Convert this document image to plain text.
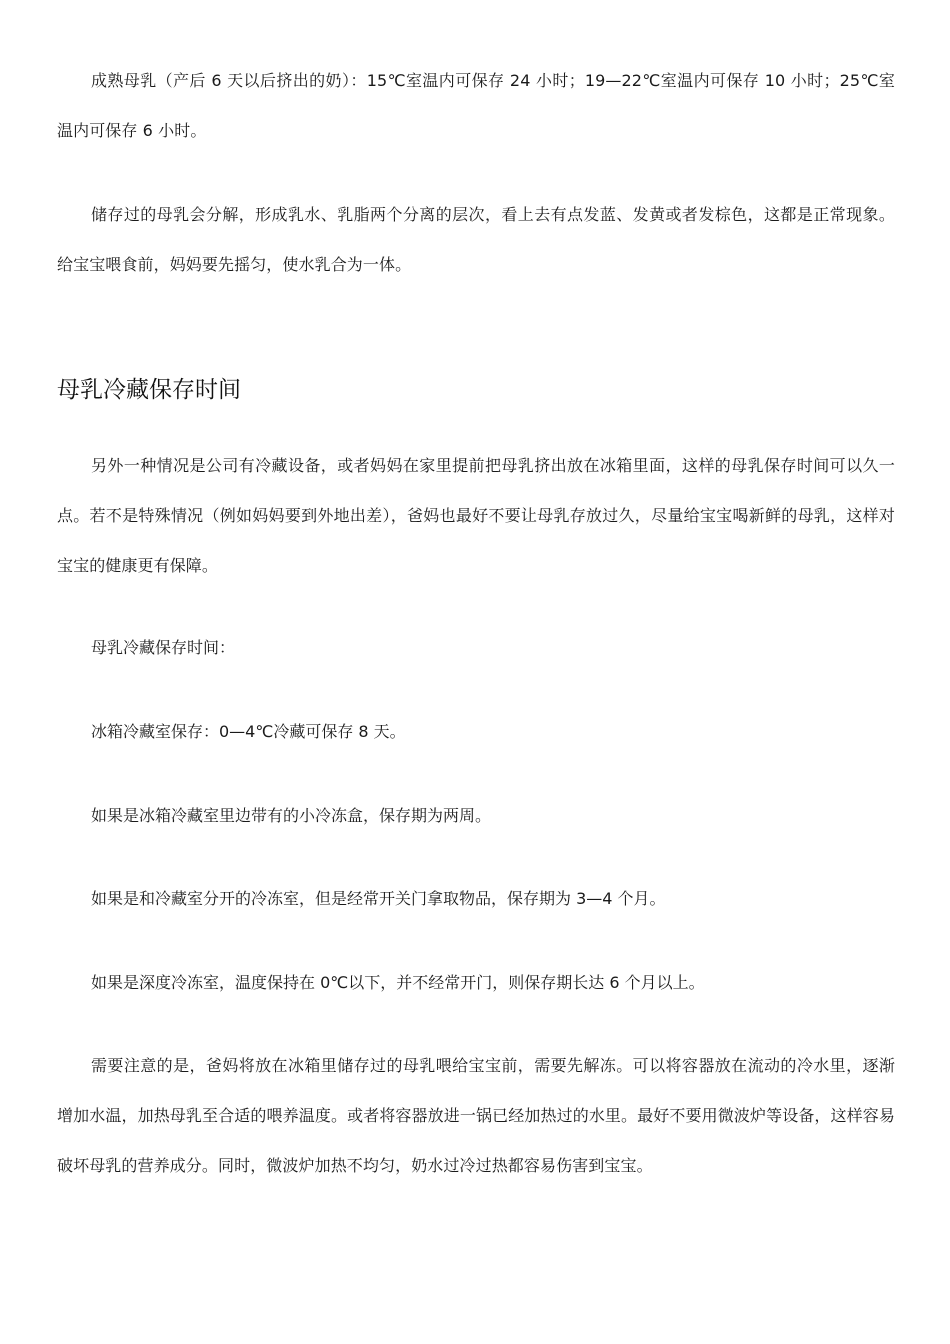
成熟母乳（产后 6 天以后挤出的奶）：15℃室温内可保存 24 小时；19—22℃室温内可保存 10 小时；25℃室温内可保存 6 小时。

储存过的母乳会分解，形成乳水、乳脂两个分离的层次，看上去有点发蓝、发黄或者发棕色，这都是正常现象。给宝宝喂食前，妈妈要先摇匀，使水乳合为一体。

母乳冷藏保存时间

另外一种情况是公司有冷藏设备，或者妈妈在家里提前把母乳挤出放在冰箱里面，这样的母乳保存时间可以久一点。若不是特殊情况（例如妈妈要到外地出差），爸妈也最好不要让母乳存放过久，尽量给宝宝喝新鲜的母乳，这样对宝宝的健康更有保障。

母乳冷藏保存时间：

冰箱冷藏室保存：0—4℃冷藏可保存 8 天。

如果是冰箱冷藏室里边带有的小冷冻盒，保存期为两周。

如果是和冷藏室分开的冷冻室，但是经常开关门拿取物品，保存期为 3—4 个月。

如果是深度冷冻室，温度保持在 0℃以下，并不经常开门，则保存期长达 6 个月以上。

需要注意的是，爸妈将放在冰箱里储存过的母乳喂给宝宝前，需要先解冻。可以将容器放在流动的冷水里，逐渐增加水温，加热母乳至合适的喂养温度。或者将容器放进一锅已经加热过的水里。最好不要用微波炉等设备，这样容易破坏母乳的营养成分。同时，微波炉加热不均匀，奶水过冷过热都容易伤害到宝宝。
